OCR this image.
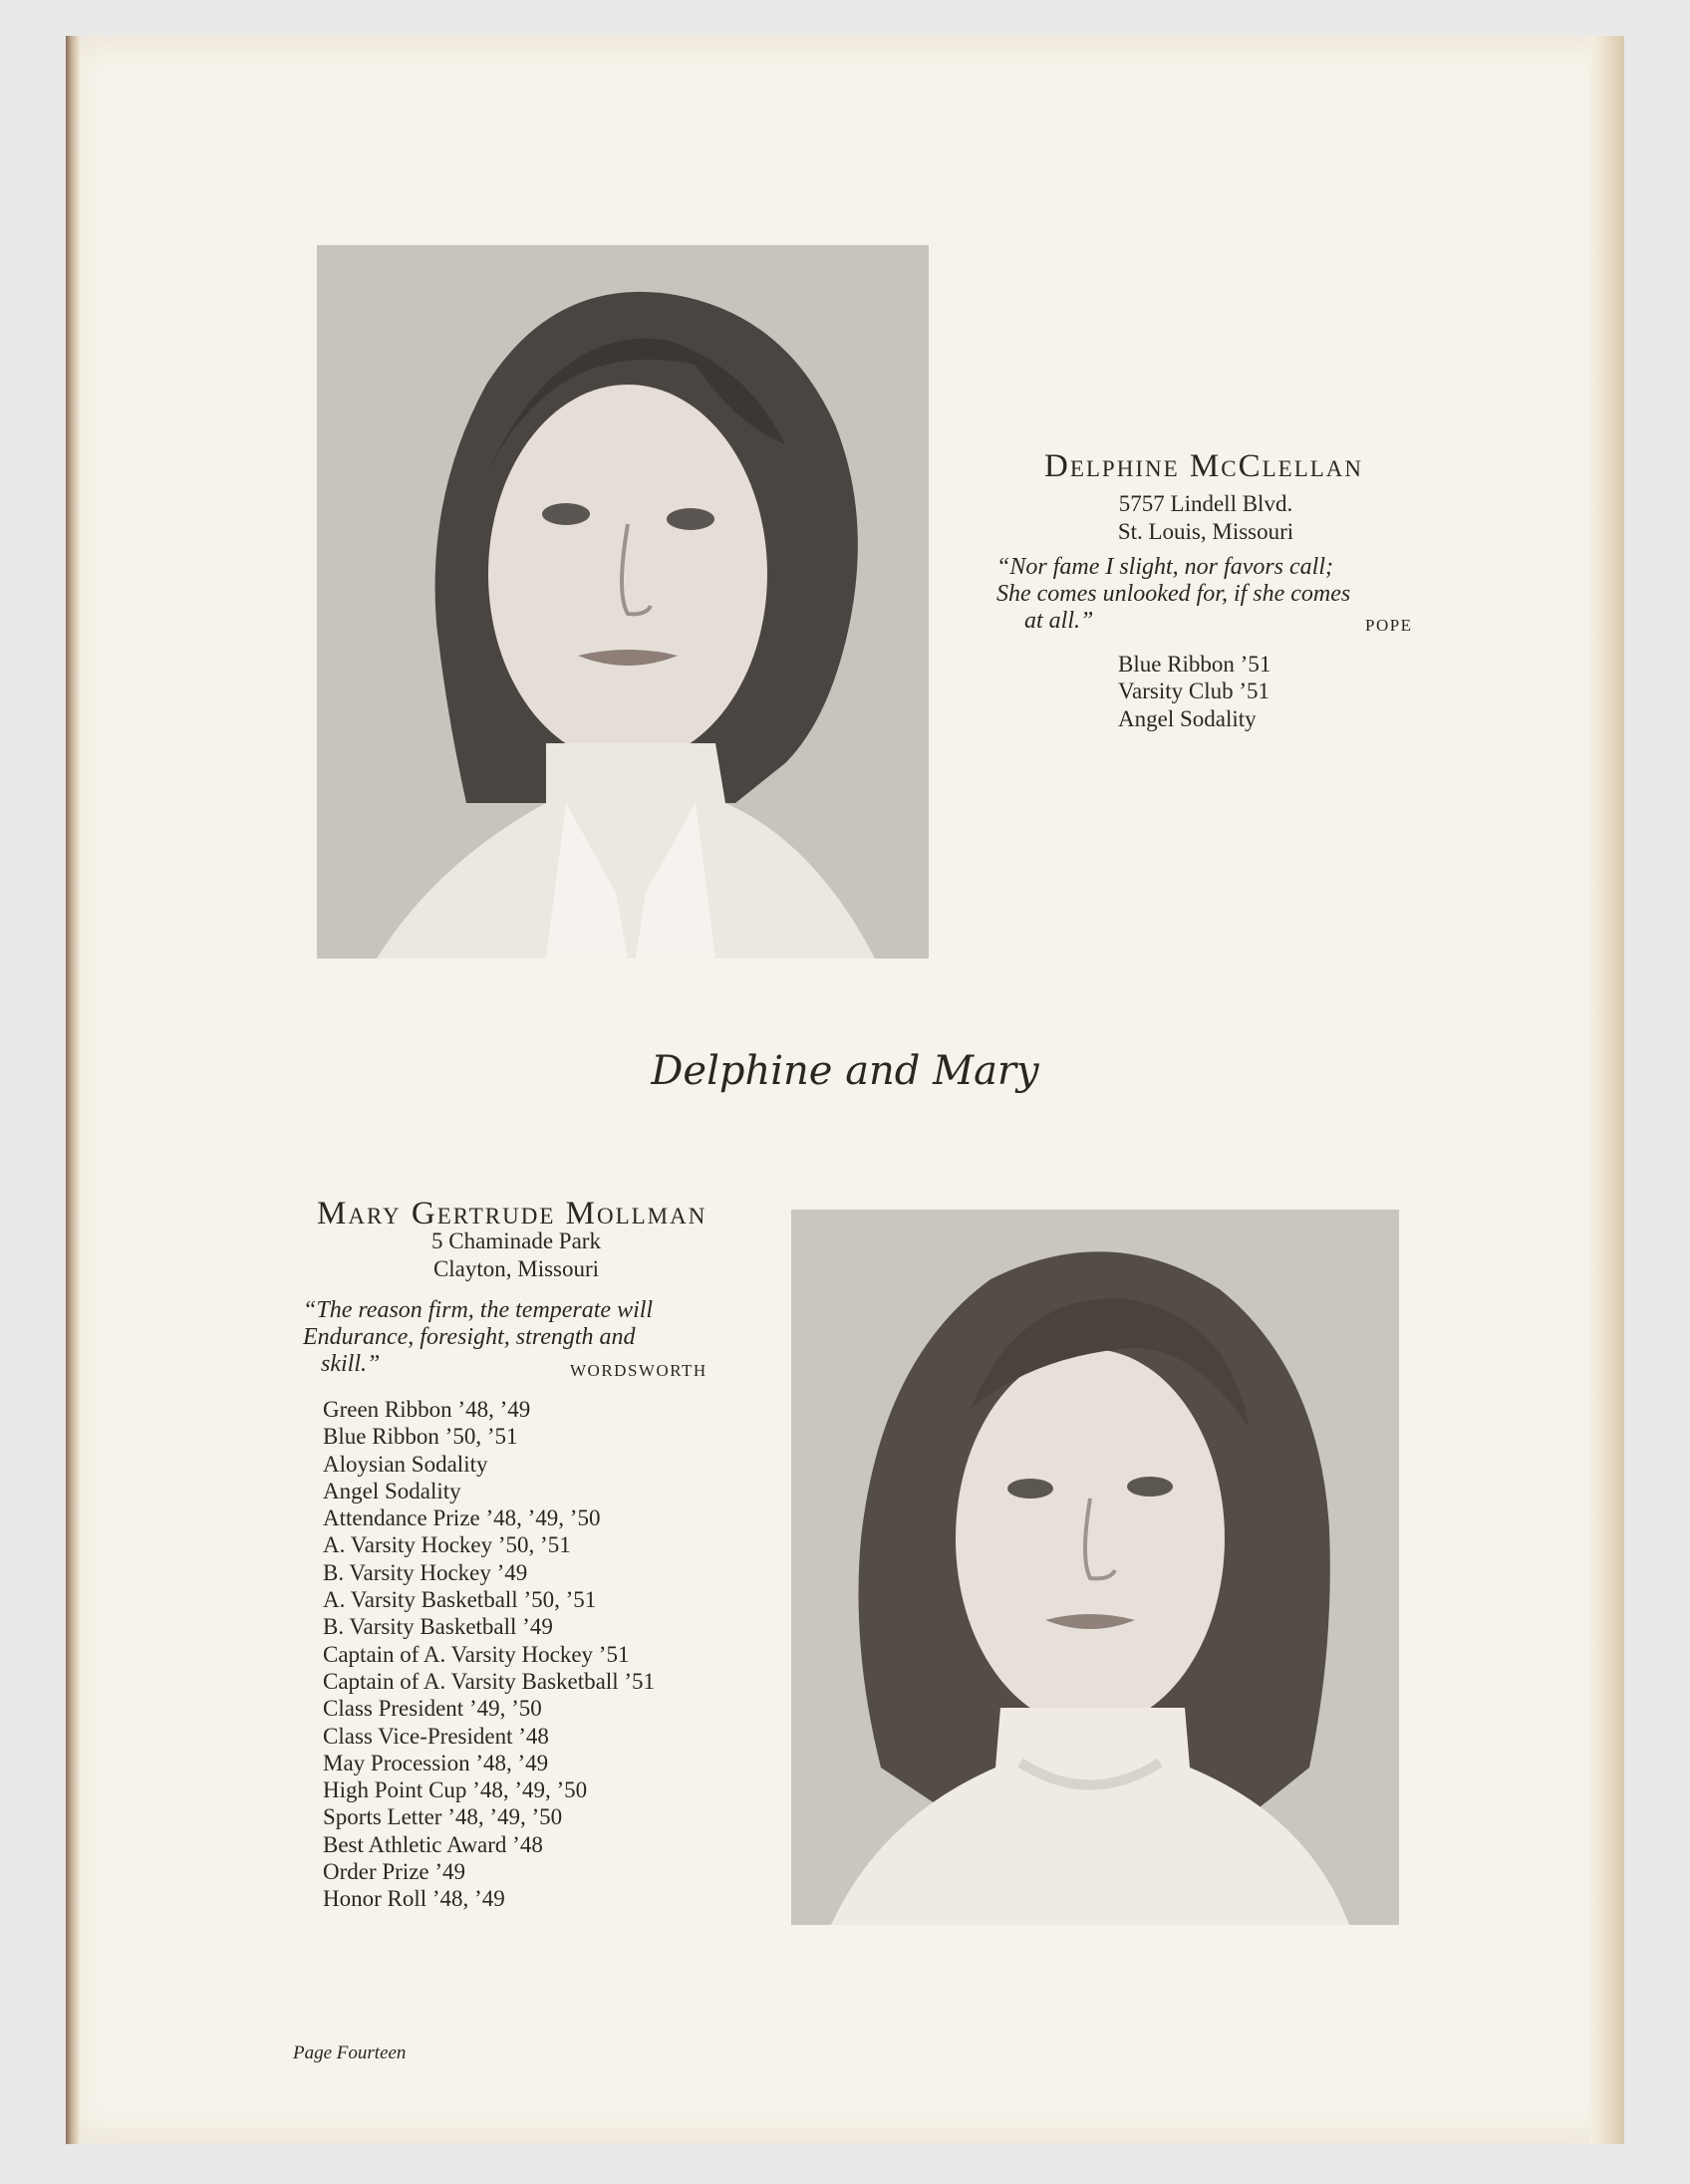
Delphine McClellan
5757 Lindell Blvd.
St. Louis, Missouri
“Nor fame I slight, nor favors call;
She comes unlooked for, if she comes
at all.”	POPE
Blue Ribbon ’51
Varsity Club ’51
Angel Sodality
Delphine and Mary
Mary Gertrude Mollman
5 Chaminade Park
Clayton, Missouri
“The reason firm, the temperate will
Endurance, foresight, strength and
skill.”	WORDSWORTH
Green Ribbon ’48, ’49
Blue Ribbon ’50, ’51
Aloysian Sodality
Angel Sodality
Attendance Prize ’48, ’49, ’50
A. Varsity Hockey ’50, ’51
B. Varsity Hockey ’49
A. Varsity Basketball ’50, ’51
B. Varsity Basketball ’49
Captain of A. Varsity Hockey ’51
Captain of A. Varsity Basketball ’51
Class President ’49, ’50
Class Vice-President ’48
May Procession ’48, ’49
High Point Cup ’48, ’49, ’50
Sports Letter ’48, ’49, ’50
Best Athletic Award ’48
Order Prize ’49
Honor Roll ’48, ’49
Page Fourteen
